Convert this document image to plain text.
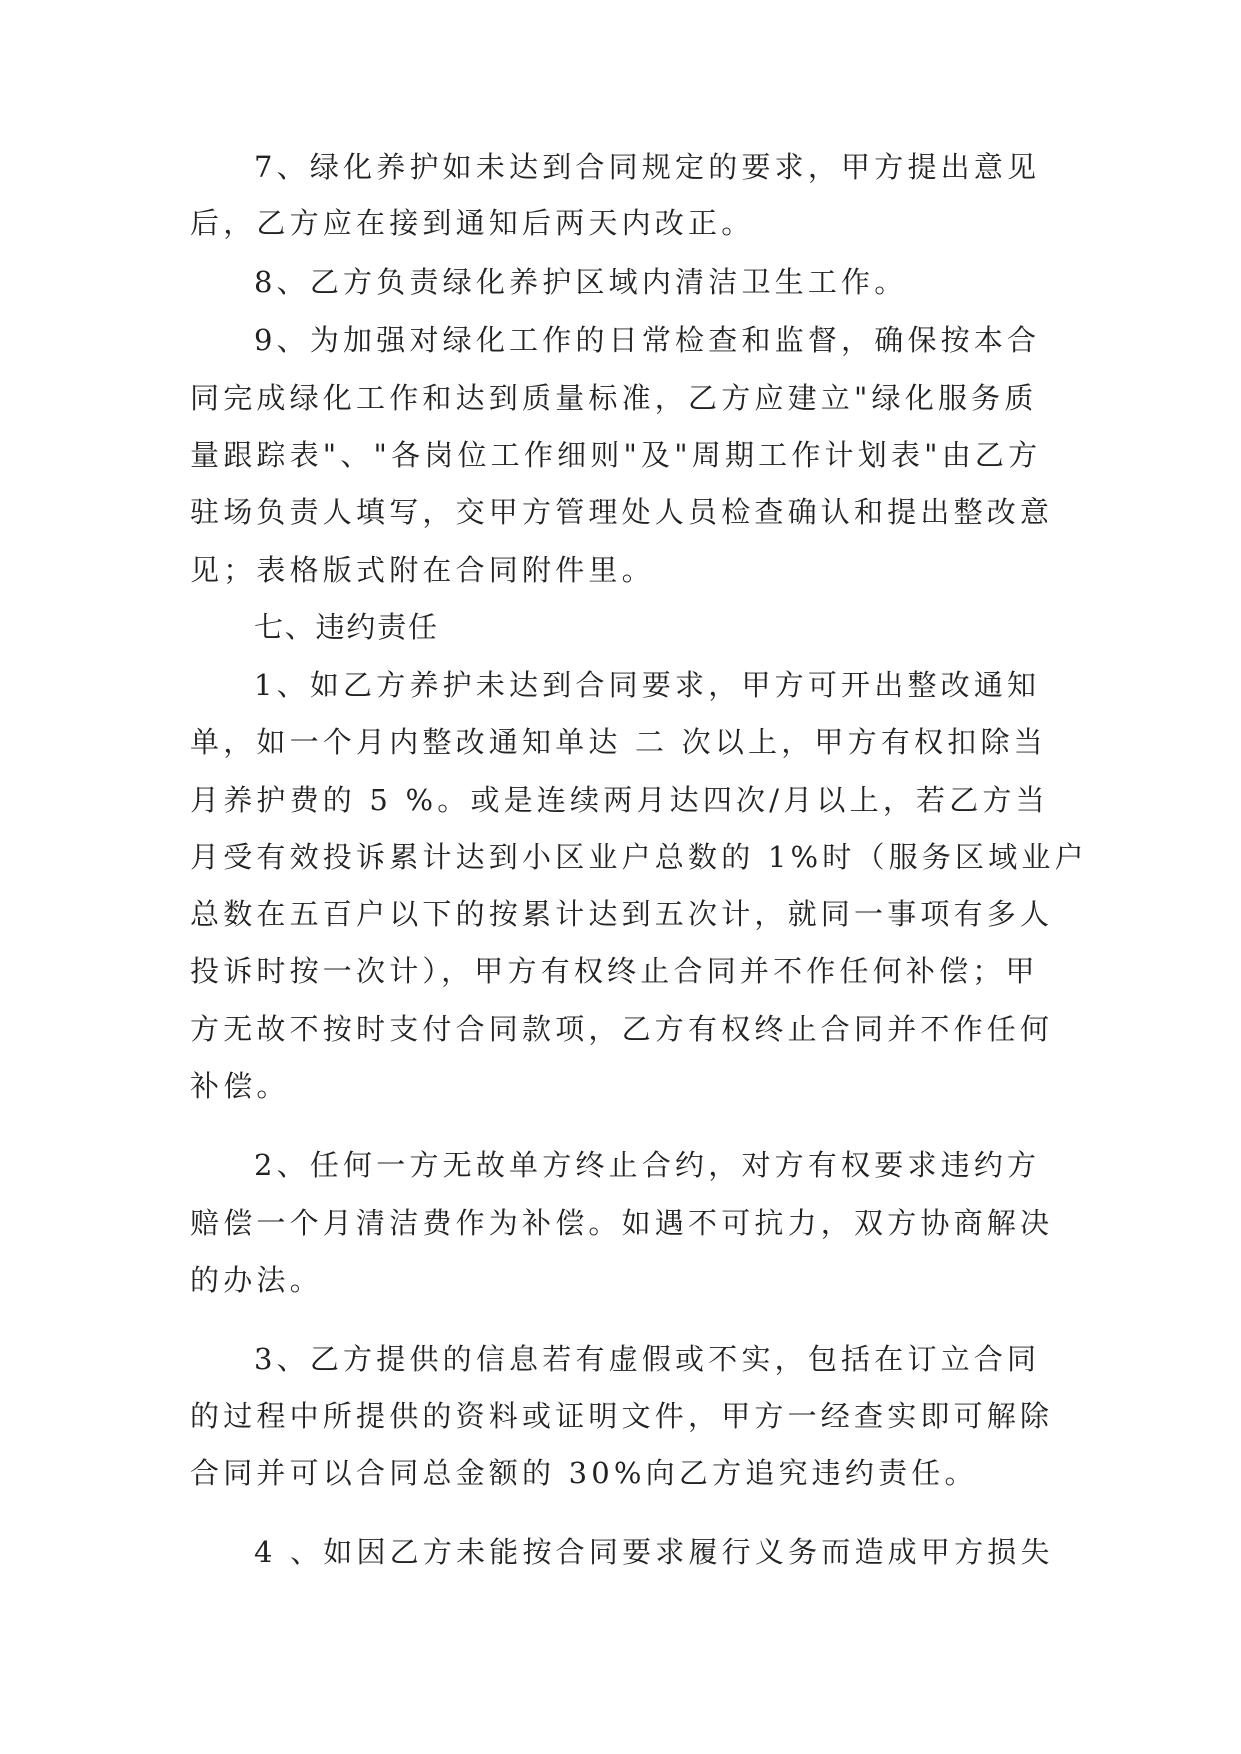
7、绿化养护如未达到合同规定的要求，甲方提出意见
后，乙方应在接到通知后两天内改正。
8、乙方负责绿化养护区域内清洁卫生工作。
9、为加强对绿化工作的日常检查和监督，确保按本合
同完成绿化工作和达到质量标准，乙方应建立"绿化服务质
量跟踪表"、"各岗位工作细则"及"周期工作计划表"由乙方
驻场负责人填写，交甲方管理处人员检查确认和提出整改意
见；表格版式附在合同附件里。
七、违约责任
1、如乙方养护未达到合同要求，甲方可开出整改通知
单，如一个月内整改通知单达 二 次以上，甲方有权扣除当
月养护费的 5 %。或是连续两月达四次/月以上，若乙方当
月受有效投诉累计达到小区业户总数的 1%时（服务区域业户
总数在五百户以下的按累计达到五次计，就同一事项有多人
投诉时按一次计），甲方有权终止合同并不作任何补偿；甲
方无故不按时支付合同款项，乙方有权终止合同并不作任何
补偿。
2、任何一方无故单方终止合约，对方有权要求违约方
赔偿一个月清洁费作为补偿。如遇不可抗力，双方协商解决
的办法。
3、乙方提供的信息若有虚假或不实，包括在订立合同
的过程中所提供的资料或证明文件，甲方一经查实即可解除
合同并可以合同总金额的 30%向乙方追究违约责任。
4 、如因乙方未能按合同要求履行义务而造成甲方损失
